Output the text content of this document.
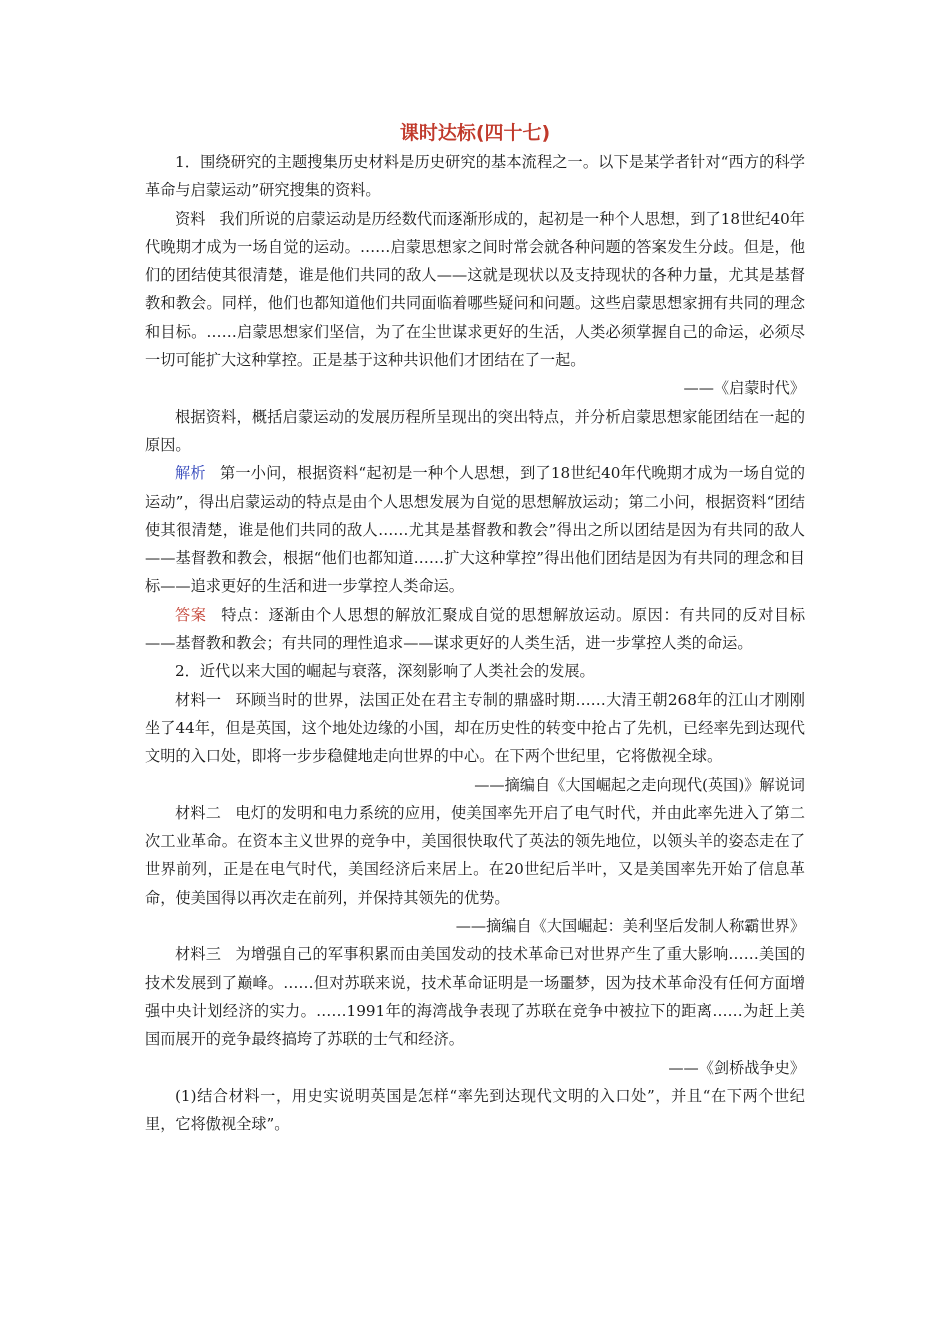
课时达标(四十七)

1．围绕研究的主题搜集历史材料是历史研究的基本流程之一。以下是某学者针对“西方的科学革命与启蒙运动”研究搜集的资料。

资料 我们所说的启蒙运动是历经数代而逐渐形成的，起初是一种个人思想，到了18世纪40年代晚期才成为一场自觉的运动。……启蒙思想家之间时常会就各种问题的答案发生分歧。但是，他们的团结使其很清楚，谁是他们共同的敌人——这就是现状以及支持现状的各种力量，尤其是基督教和教会。同样，他们也都知道他们共同面临着哪些疑问和问题。这些启蒙思想家拥有共同的理念和目标。……启蒙思想家们坚信，为了在尘世谋求更好的生活，人类必须掌握自己的命运，必须尽一切可能扩大这种掌控。正是基于这种共识他们才团结在了一起。

——《启蒙时代》

根据资料，概括启蒙运动的发展历程所呈现出的突出特点，并分析启蒙思想家能团结在一起的原因。

解析 第一小问，根据资料“起初是一种个人思想，到了18世纪40年代晚期才成为一场自觉的运动”，得出启蒙运动的特点是由个人思想发展为自觉的思想解放运动；第二小问，根据资料“团结使其很清楚，谁是他们共同的敌人……尤其是基督教和教会”得出之所以团结是因为有共同的敌人——基督教和教会，根据“他们也都知道……扩大这种掌控”得出他们团结是因为有共同的理念和目标——追求更好的生活和进一步掌控人类命运。

答案 特点：逐渐由个人思想的解放汇聚成自觉的思想解放运动。原因：有共同的反对目标——基督教和教会；有共同的理性追求——谋求更好的人类生活，进一步掌控人类的命运。

2．近代以来大国的崛起与衰落，深刻影响了人类社会的发展。

材料一 环顾当时的世界，法国正处在君主专制的鼎盛时期……大清王朝268年的江山才刚刚坐了44年，但是英国，这个地处边缘的小国，却在历史性的转变中抢占了先机，已经率先到达现代文明的入口处，即将一步步稳健地走向世界的中心。在下两个世纪里，它将傲视全球。

——摘编自《大国崛起之走向现代(英国)》解说词

材料二 电灯的发明和电力系统的应用，使美国率先开启了电气时代，并由此率先进入了第二次工业革命。在资本主义世界的竞争中，美国很快取代了英法的领先地位，以领头羊的姿态走在了世界前列，正是在电气时代，美国经济后来居上。在20世纪后半叶，又是美国率先开始了信息革命，使美国得以再次走在前列，并保持其领先的优势。

——摘编自《大国崛起：美利坚后发制人称霸世界》

材料三 为增强自己的军事积累而由美国发动的技术革命已对世界产生了重大影响……美国的技术发展到了巅峰。……但对苏联来说，技术革命证明是一场噩梦，因为技术革命没有任何方面增强中央计划经济的实力。……1991年的海湾战争表现了苏联在竞争中被拉下的距离……为赶上美国而展开的竞争最终搞垮了苏联的士气和经济。

——《剑桥战争史》

(1)结合材料一，用史实说明英国是怎样“率先到达现代文明的入口处”，并且“在下两个世纪里，它将傲视全球”。
